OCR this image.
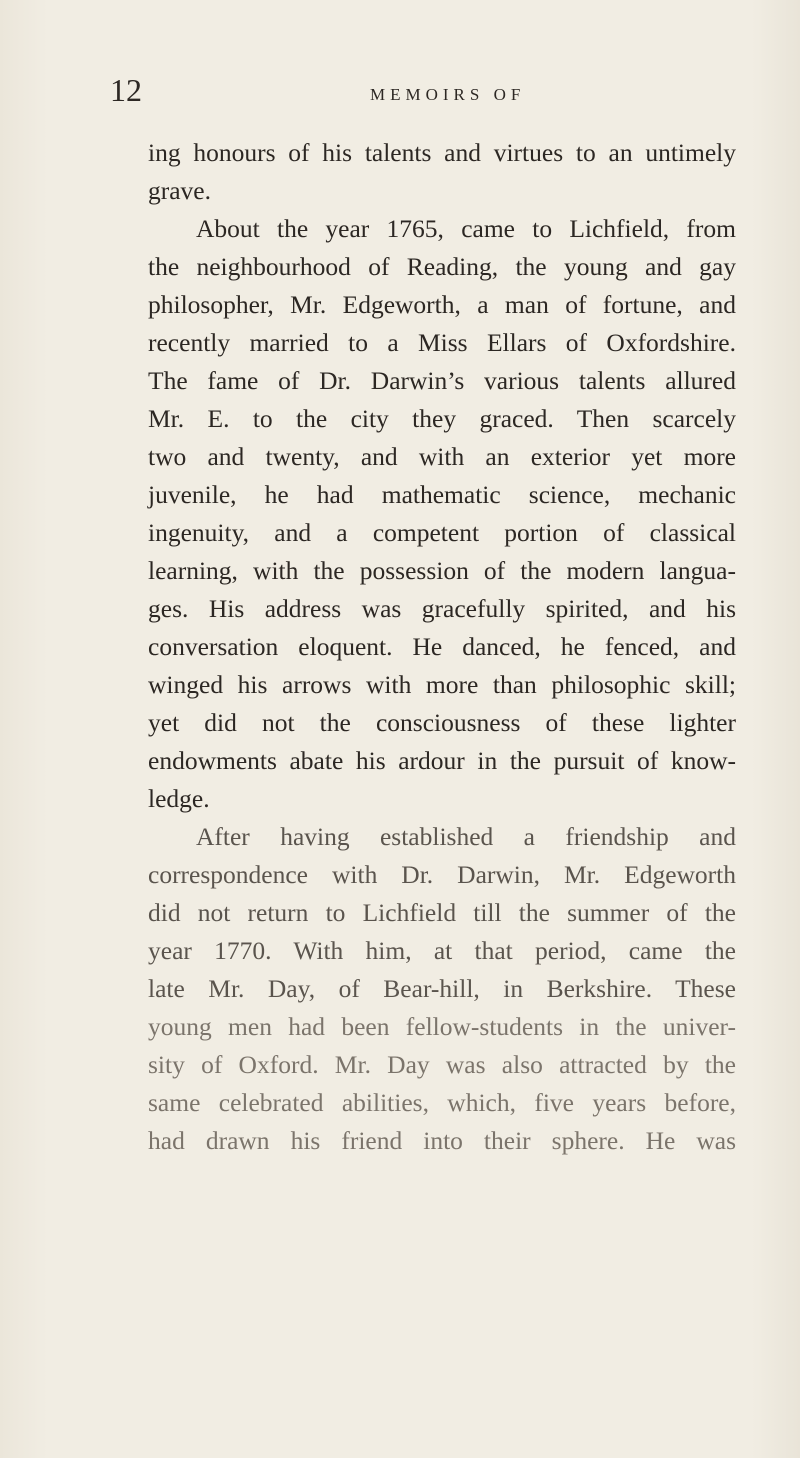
12	MEMOIRS OF
ing honours of his talents and virtues to an untimely
grave.
About the year 1765, came to Lichfield, from
the neighbourhood of Reading, the young and gay
philosopher, Mr. Edgeworth, a man of fortune, and
recently married to a Miss Ellars of Oxfordshire.
The fame of Dr. Darwin’s various talents allured
Mr. E. to the city they graced. Then scarcely
two and twenty, and with an exterior yet more
juvenile, he had mathematic science, mechanic
ingenuity, and a competent portion of classical
learning, with the possession of the modern langua-
ges. His address was gracefully spirited, and his
conversation eloquent. He danced, he fenced, and
winged his arrows with more than philosophic skill;
yet did not the consciousness of these lighter
endowments abate his ardour in the pursuit of know-
ledge.
After having established a friendship and
correspondence with Dr. Darwin, Mr. Edgeworth
did not return to Lichfield till the summer of the
year 1770. With him, at that period, came the
late Mr. Day, of Bear-hill, in Berkshire. These
young men had been fellow-students in the univer-
sity of Oxford. Mr. Day was also attracted by the
same celebrated abilities, which, five years before,
had drawn his friend into their sphere. He was
